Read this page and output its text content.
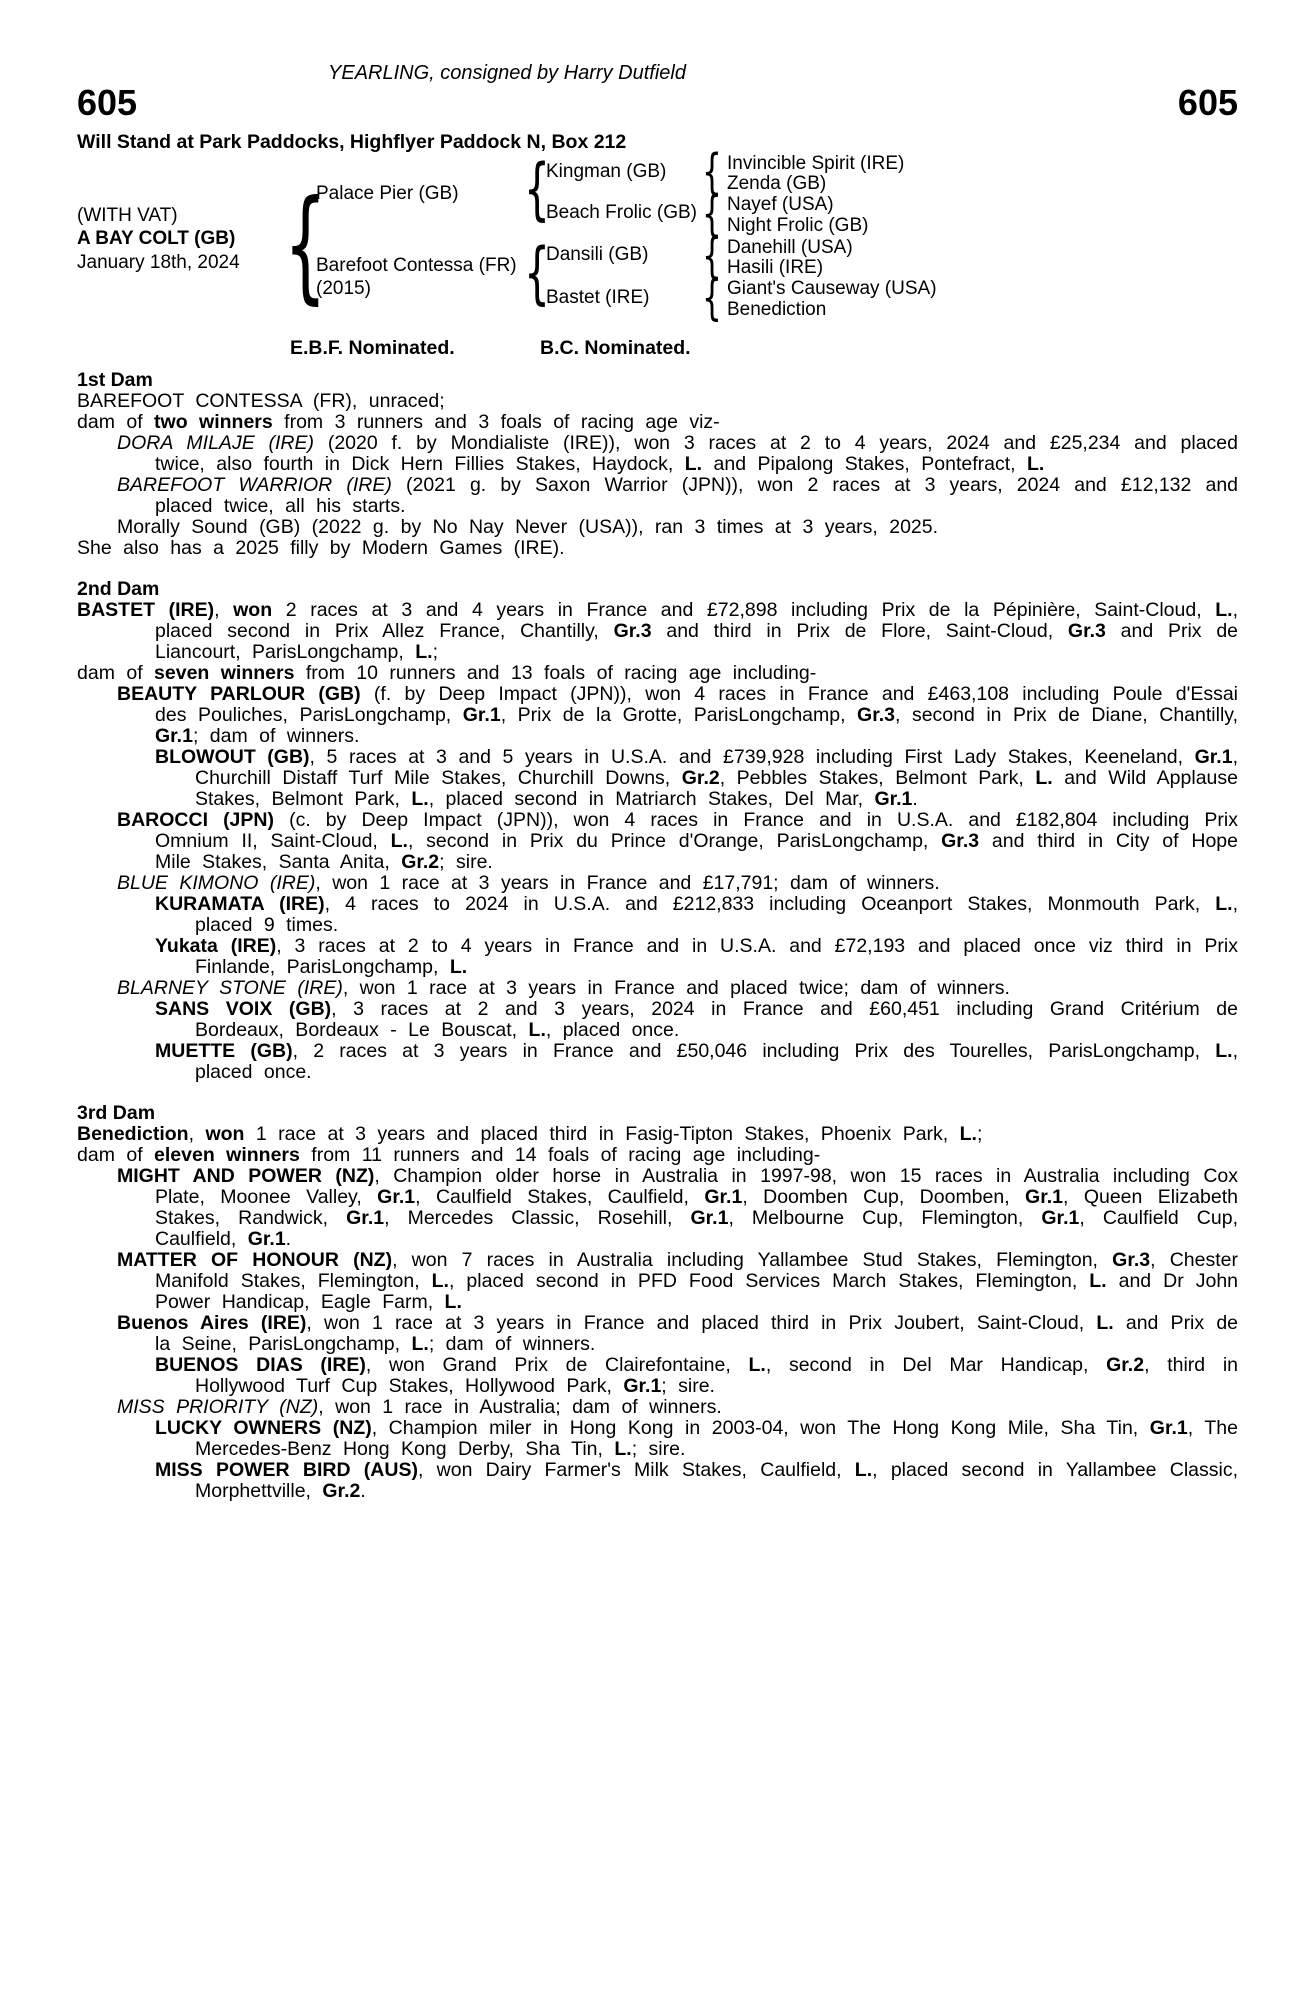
YEARLING, consigned by Harry Dutfield
605	605
Will Stand at Park Paddocks, Highflyer Paddock N, Box 212
(WITH VAT)
A BAY COLT (GB)
January 18th, 2024 {
Palace Pier (GB)
Barefoot Contessa (FR)
(2015)
{
{
Kingman (GB)
Beach Frolic (GB)
Dansili (GB)
Bastet (IRE)
{
{
{
{
Invincible Spirit (IRE)
Zenda (GB)
Nayef (USA)
Night Frolic (GB)
Danehill (USA)
Hasili (IRE)
Giant's Causeway (USA)
Benediction
E.B.F. Nominated.	B.C. Nominated.
1st Dam
BAREFOOT CONTESSA (FR), unraced;
dam of two winners from 3 runners and 3 foals of racing age viz-
DORA MILAJE (IRE) (2020 f. by Mondialiste (IRE)), won 3 races at 2 to 4 years, 2024 and £25,234 and placed twice, also fourth in Dick Hern Fillies Stakes, Haydock, L. and Pipalong Stakes, Pontefract, L.
BAREFOOT WARRIOR (IRE) (2021 g. by Saxon Warrior (JPN)), won 2 races at 3 years, 2024 and £12,132 and placed twice, all his starts.
Morally Sound (GB) (2022 g. by No Nay Never (USA)), ran 3 times at 3 years, 2025.
She also has a 2025 filly by Modern Games (IRE).
2nd Dam
BASTET (IRE), won 2 races at 3 and 4 years in France and £72,898 including Prix de la Pépinière, Saint-Cloud, L., placed second in Prix Allez France, Chantilly, Gr.3 and third in Prix de Flore, Saint-Cloud, Gr.3 and Prix de Liancourt, ParisLongchamp, L.;
dam of seven winners from 10 runners and 13 foals of racing age including-
BEAUTY PARLOUR (GB) (f. by Deep Impact (JPN)), won 4 races in France and £463,108 including Poule d'Essai des Pouliches, ParisLongchamp, Gr.1, Prix de la Grotte, ParisLongchamp, Gr.3, second in Prix de Diane, Chantilly, Gr.1; dam of winners.
BLOWOUT (GB), 5 races at 3 and 5 years in U.S.A. and £739,928 including First Lady Stakes, Keeneland, Gr.1, Churchill Distaff Turf Mile Stakes, Churchill Downs, Gr.2, Pebbles Stakes, Belmont Park, L. and Wild Applause Stakes, Belmont Park, L., placed second in Matriarch Stakes, Del Mar, Gr.1.
BAROCCI (JPN) (c. by Deep Impact (JPN)), won 4 races in France and in U.S.A. and £182,804 including Prix Omnium II, Saint-Cloud, L., second in Prix du Prince d'Orange, ParisLongchamp, Gr.3 and third in City of Hope Mile Stakes, Santa Anita, Gr.2; sire.
BLUE KIMONO (IRE), won 1 race at 3 years in France and £17,791; dam of winners.
KURAMATA (IRE), 4 races to 2024 in U.S.A. and £212,833 including Oceanport Stakes, Monmouth Park, L., placed 9 times.
Yukata (IRE), 3 races at 2 to 4 years in France and in U.S.A. and £72,193 and placed once viz third in Prix Finlande, ParisLongchamp, L.
BLARNEY STONE (IRE), won 1 race at 3 years in France and placed twice; dam of winners.
SANS VOIX (GB), 3 races at 2 and 3 years, 2024 in France and £60,451 including Grand Critérium de Bordeaux, Bordeaux - Le Bouscat, L., placed once.
MUETTE (GB), 2 races at 3 years in France and £50,046 including Prix des Tourelles, ParisLongchamp, L., placed once.
3rd Dam
Benediction, won 1 race at 3 years and placed third in Fasig-Tipton Stakes, Phoenix Park, L.;
dam of eleven winners from 11 runners and 14 foals of racing age including-
MIGHT AND POWER (NZ), Champion older horse in Australia in 1997-98, won 15 races in Australia including Cox Plate, Moonee Valley, Gr.1, Caulfield Stakes, Caulfield, Gr.1, Doomben Cup, Doomben, Gr.1, Queen Elizabeth Stakes, Randwick, Gr.1, Mercedes Classic, Rosehill, Gr.1, Melbourne Cup, Flemington, Gr.1, Caulfield Cup, Caulfield, Gr.1.
MATTER OF HONOUR (NZ), won 7 races in Australia including Yallambee Stud Stakes, Flemington, Gr.3, Chester Manifold Stakes, Flemington, L., placed second in PFD Food Services March Stakes, Flemington, L. and Dr John Power Handicap, Eagle Farm, L.
Buenos Aires (IRE), won 1 race at 3 years in France and placed third in Prix Joubert, Saint-Cloud, L. and Prix de la Seine, ParisLongchamp, L.; dam of winners.
BUENOS DIAS (IRE), won Grand Prix de Clairefontaine, L., second in Del Mar Handicap, Gr.2, third in Hollywood Turf Cup Stakes, Hollywood Park, Gr.1; sire.
MISS PRIORITY (NZ), won 1 race in Australia; dam of winners.
LUCKY OWNERS (NZ), Champion miler in Hong Kong in 2003-04, won The Hong Kong Mile, Sha Tin, Gr.1, The Mercedes-Benz Hong Kong Derby, Sha Tin, L.; sire.
MISS POWER BIRD (AUS), won Dairy Farmer's Milk Stakes, Caulfield, L., placed second in Yallambee Classic, Morphettville, Gr.2.
